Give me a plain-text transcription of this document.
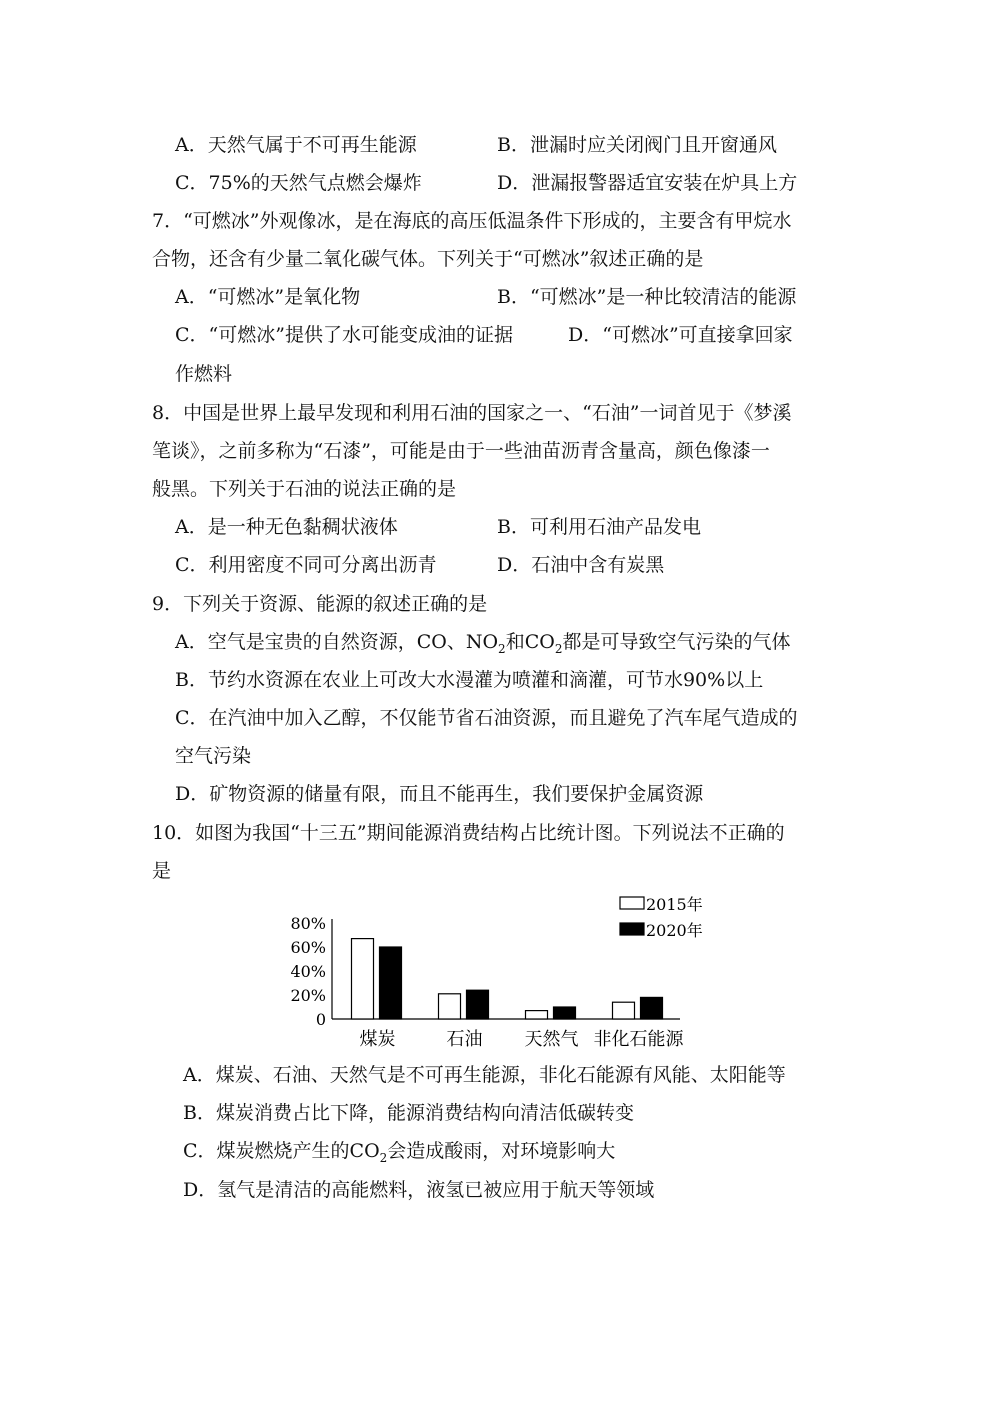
A．天然气属于不可再生能源	B．泄漏时应关闭阀门且开窗通风
C．75%的天然气点燃会爆炸	D．泄漏报警器适宜安装在炉具上方
7．“可燃冰”外观像冰，是在海底的高压低温条件下形成的，主要含有甲烷水
合物，还含有少量二氧化碳气体。下列关于“可燃冰”叙述正确的是
A．“可燃冰”是氧化物	B．“可燃冰”是一种比较清洁的能源
C．“可燃冰”提供了水可能变成油的证据	D．“可燃冰”可直接拿回家
作燃料
8．中国是世界上最早发现和利用石油的国家之一、“石油”一词首见于《梦溪
笔谈》，之前多称为“石漆”，可能是由于一些油苗沥青含量高，颜色像漆一
般黑。下列关于石油的说法正确的是
A．是一种无色黏稠状液体	B．可利用石油产品发电
C．利用密度不同可分离出沥青	D．石油中含有炭黑
9．下列关于资源、能源的叙述正确的是
A．空气是宝贵的自然资源，CO、$NO_2$和$CO_2$都是可导致空气污染的气体
B．节约水资源在农业上可改大水漫灌为喷灌和滴灌，可节水90%以上
C．在汽油中加入乙醇，不仅能节省石油资源，而且避免了汽车尾气造成的
空气污染
D．矿物资源的储量有限，而且不能再生，我们要保护金属资源
10．如图为我国“十三五”期间能源消费结构占比统计图。下列说法不正确的
是
0
20%
40%
60%
80%
煤炭	石油 天然气 非化石能源
2015年
2020年
A．煤炭、石油、天然气是不可再生能源，非化石能源有风能、太阳能等
B．煤炭消费占比下降，能源消费结构向清洁低碳转变
C．煤炭燃烧产生的$CO_2$会造成酸雨，对环境影响大
D．氢气是清洁的高能燃料，液氢已被应用于航天等领域
